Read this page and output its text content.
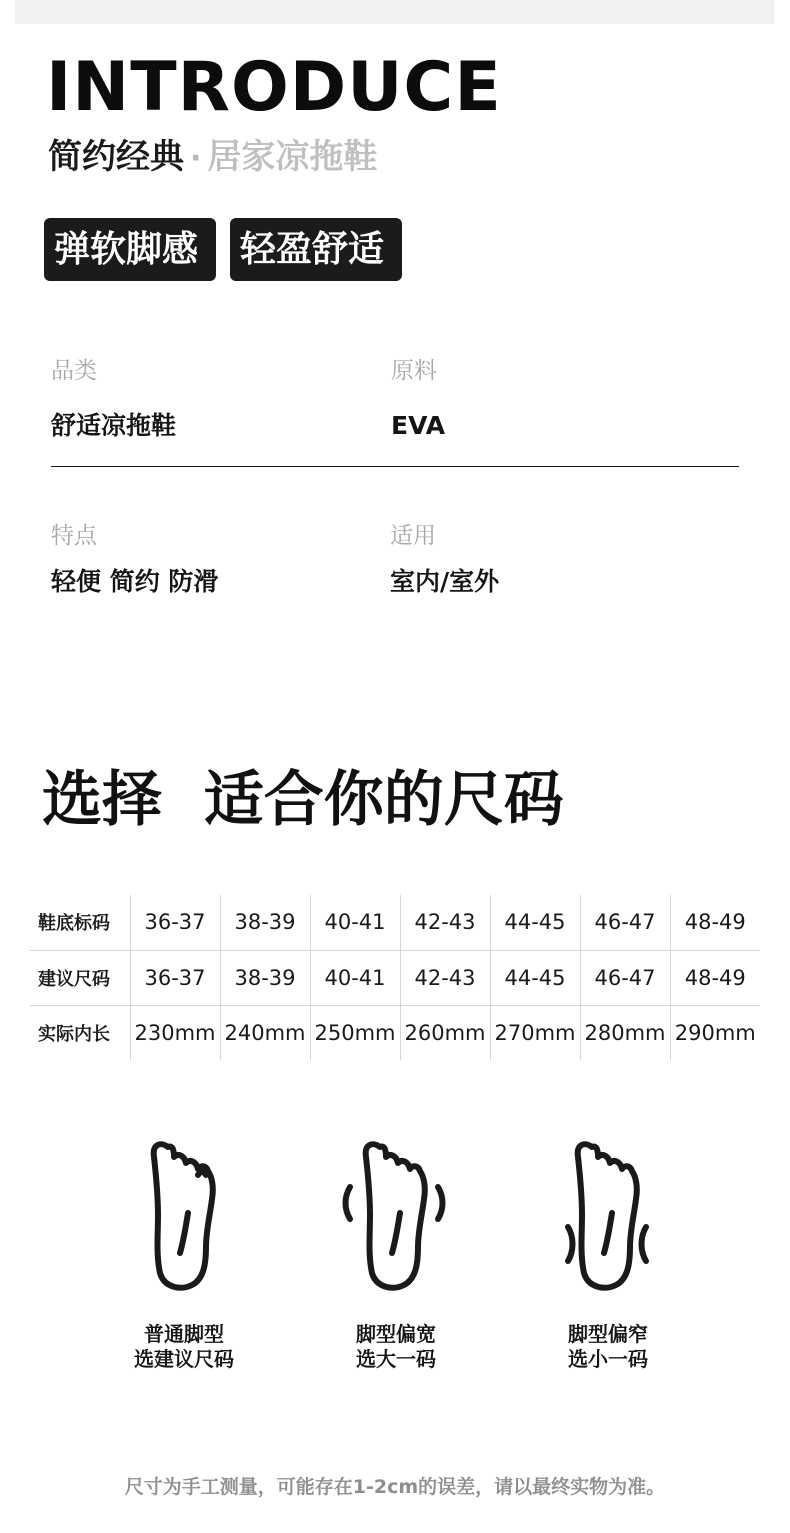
INTRODUCE
简约经典 · 居家凉拖鞋
弹软脚感	轻盈舒适
品类
舒适凉拖鞋
原料
EVA
特点
轻便 简约 防滑
适用
室内/室外
选择  适合你的尺码
鞋底标码	36-37	38-39	40-41	42-43	44-45	46-47	48-49
建议尺码	36-37	38-39	40-41	42-43	44-45	46-47	48-49
实际内长	230mm	240mm	250mm	260mm	270mm	280mm	290mm
普通脚型
选建议尺码
脚型偏宽
选大一码
脚型偏窄
选小一码
尺寸为手工测量，可能存在1-2cm的误差，请以最终实物为准。
